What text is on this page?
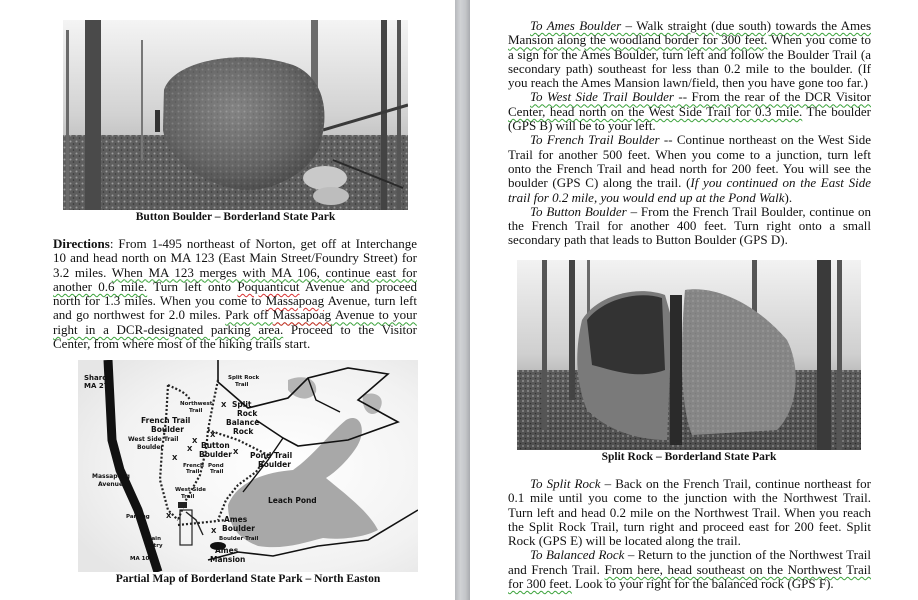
Button Boulder – Borderland State Park

Directions: From 1-495 northeast of Norton, get off at Interchange 10 and head north on MA 123 (East Main Street/Foundry Street) for 3.2 miles. When MA 123 merges with MA 106, continue east for another 0.6 mile. Turn left onto Poquanticut Avenue and proceed north for 1.3 miles. When you come to Massapoag Avenue, turn left and go northwest for 2.0 miles. Park off Massapoag Avenue to your right in a DCR-designated parking area. Proceed to the Visitor Center, from where most of the hiking trails start.

Sharon
MA 27
Split Rock
Trail
Northwest
Trail
X Split
Rock
Balance
Rock
French Trail
Boulder
West Side Trail
Boulder
X
X
X
X
Button
Boulder X
French
Trail
Pond
Trail
Pond Trail
Boulder
Massapoag
Avenue
West Side
Trail	Leach Pond
Parking X
X
Ames
Boulder
Boulder Trail
Main
Entry	Ames
Mansion
MA 106
Partial Map of Borderland State Park – North Easton

To Ames Boulder – Walk straight (due south) towards the Ames Mansion along the woodland border for 300 feet. When you come to a sign for the Ames Boulder, turn left and follow the Boulder Trail (a secondary path) southeast for less than 0.2 mile to the boulder. (If you reach the Ames Mansion lawn/field, then you have gone too far.)

To West Side Trail Boulder -- From the rear of the DCR Visitor Center, head north on the West Side Trail for 0.3 mile. The boulder (GPS B) will be to your left.

To French Trail Boulder -- Continue northeast on the West Side Trail for another 500 feet. When you come to a junction, turn left onto the French Trail and head north for 200 feet. You will see the boulder (GPS C) along the trail. (If you continued on the East Side trail for 0.2 mile, you would end up at the Pond Walk).

To Button Boulder – From the French Trail Boulder, continue on the French Trail for another 400 feet. Turn right onto a small secondary path that leads to Button Boulder (GPS D).

Split Rock – Borderland State Park

To Split Rock – Back on the French Trail, continue northeast for 0.1 mile until you come to the junction with the Northwest Trail. Turn left and head 0.2 mile on the Northwest Trail. When you reach the Split Rock Trail, turn right and proceed east for 200 feet. Split Rock (GPS E) will be located along the trail.

To Balanced Rock – Return to the junction of the Northwest Trail and French Trail. From here, head southeast on the Northwest Trail for 300 feet. Look to your right for the balanced rock (GPS F).
